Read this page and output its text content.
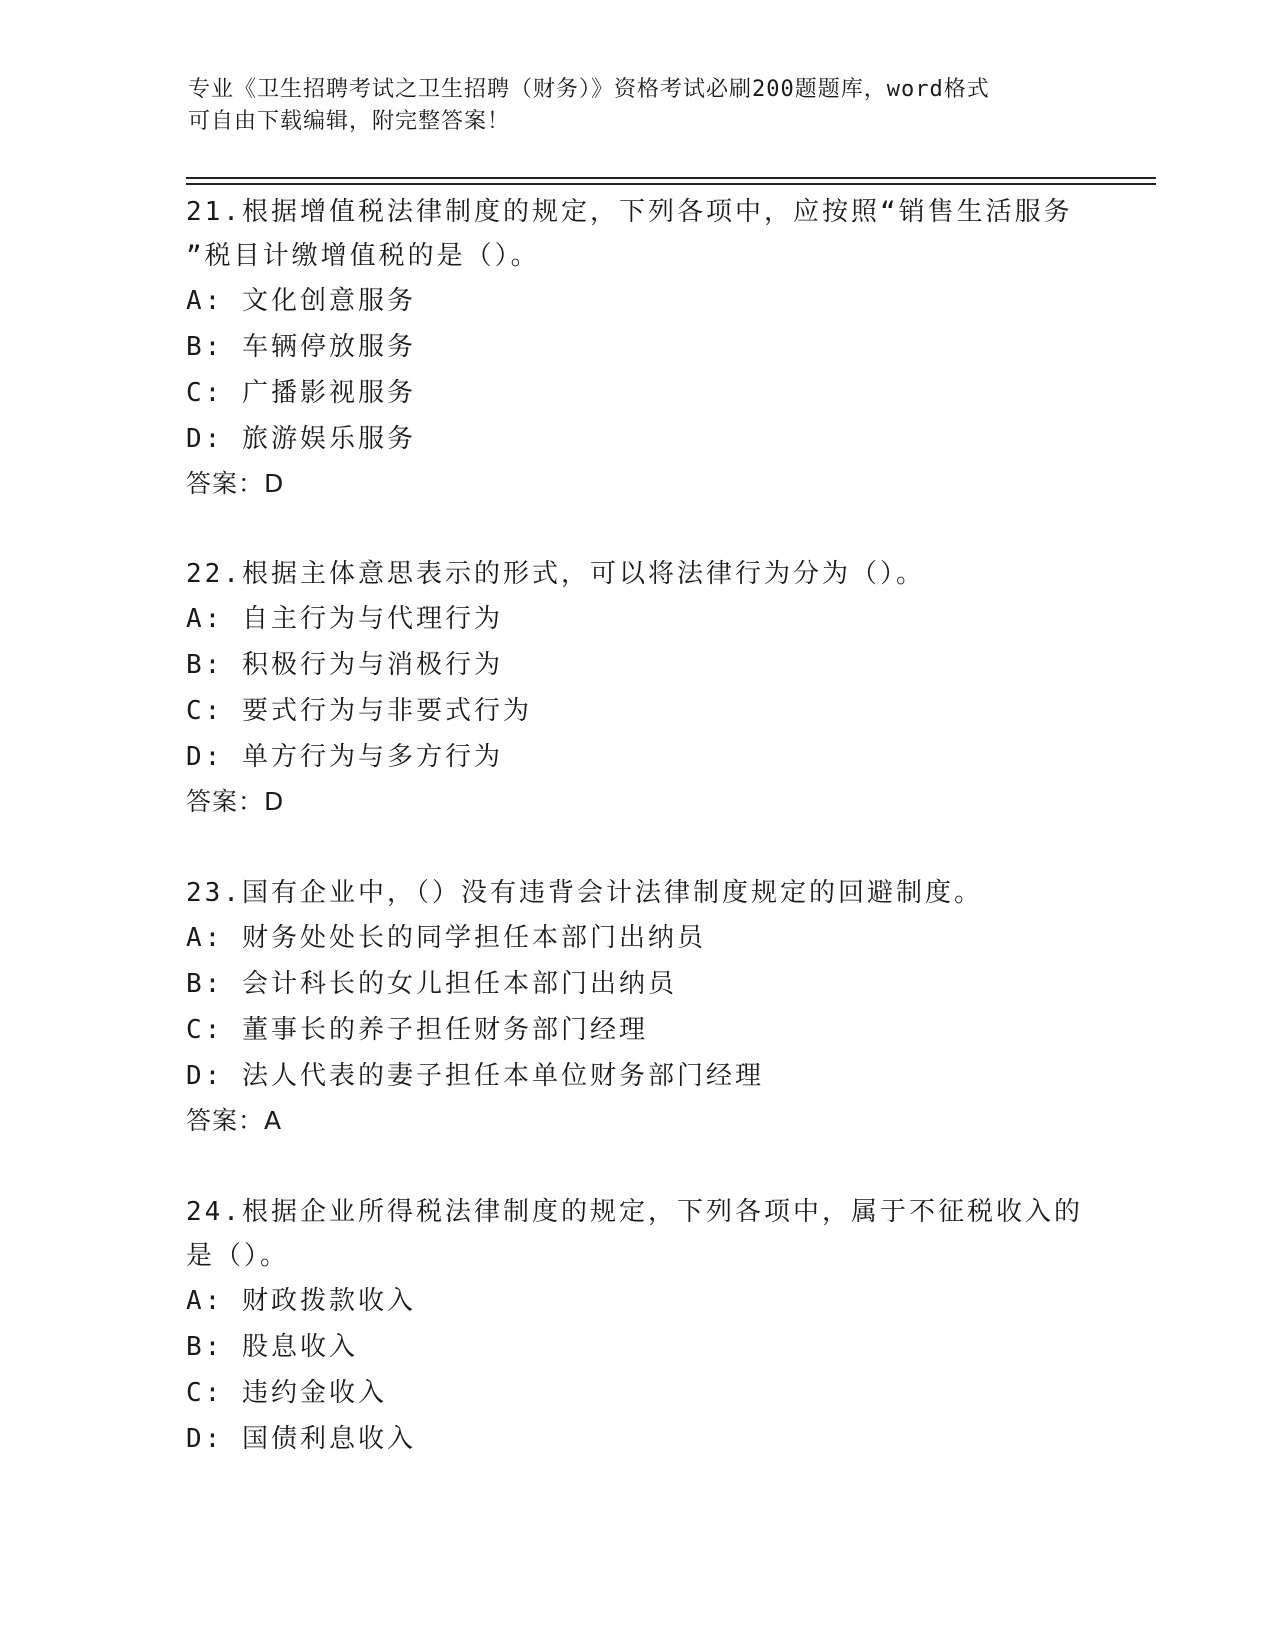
专业《卫生招聘考试之卫生招聘（财务）》资格考试必刷200题题库，word格式
可自由下载编辑，附完整答案！
21.根据增值税法律制度的规定，下列各项中，应按照“销售生活服务
”税目计缴增值税的是（）。
A: 文化创意服务
B: 车辆停放服务
C: 广播影视服务
D: 旅游娱乐服务
答案：D
22.根据主体意思表示的形式，可以将法律行为分为（）。
A: 自主行为与代理行为
B: 积极行为与消极行为
C: 要式行为与非要式行为
D: 单方行为与多方行为
答案：D
23.国有企业中，（）没有违背会计法律制度规定的回避制度。
A: 财务处处长的同学担任本部门出纳员
B: 会计科长的女儿担任本部门出纳员
C: 董事长的养子担任财务部门经理
D: 法人代表的妻子担任本单位财务部门经理
答案：A
24.根据企业所得税法律制度的规定，下列各项中，属于不征税收入的
是（）。
A: 财政拨款收入
B: 股息收入
C: 违约金收入
D: 国债利息收入
